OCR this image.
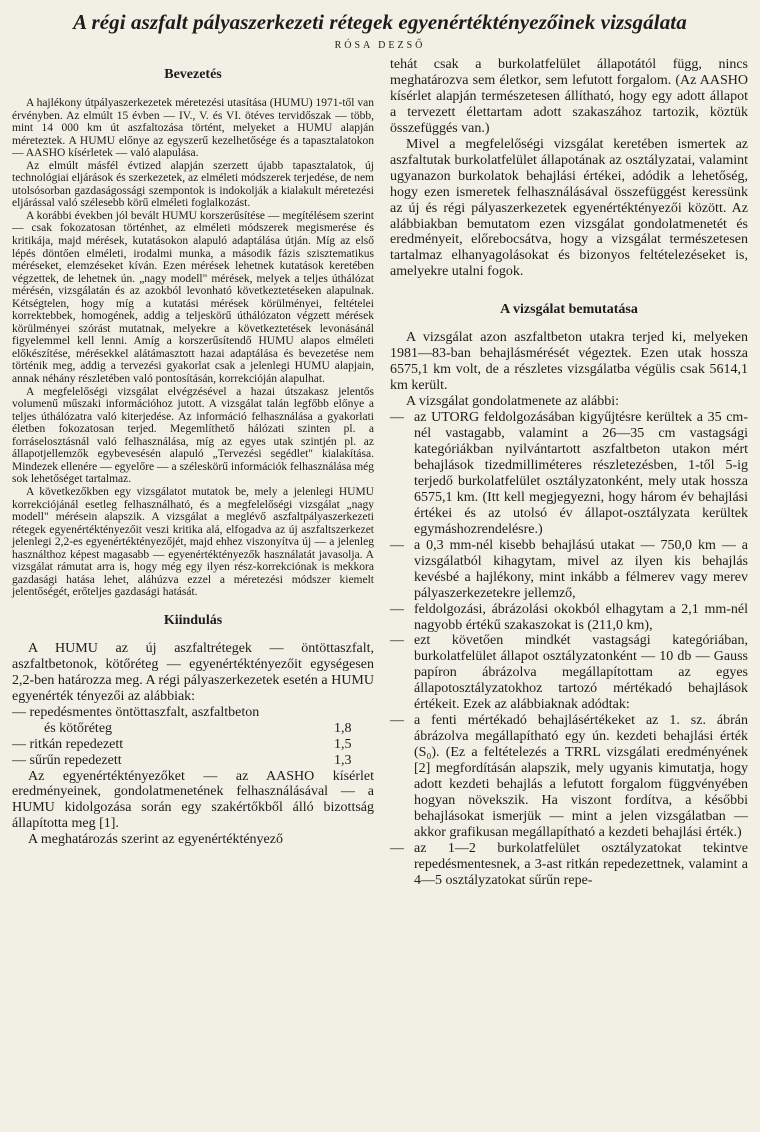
A régi aszfalt pályaszerkezeti rétegek egyenértéktényezőinek vizsgálata
RÓSA DEZSŐ
Bevezetés

A hajlékony útpályaszerkezetek méretezési utasítása (HUMU) 1971-től van érvényben. Az elmúlt 15 évben — IV., V. és VI. ötéves tervidőszak — több, mint 14 000 km út aszfaltozása történt, melyeket a HUMU alapján méreteztek. A HUMU előnye az egyszerű kezelhetősége és a tapasztalatokon — AASHO kísérletek — való alapulása.

Az elmúlt másfél évtized alapján szerzett újabb tapasztalatok, új technológiai eljárások és szerkezetek, az elméleti módszerek terjedése, de nem utolsósorban gazdaságossági szempontok is indokolják a kialakult méretezési eljárással való szélesebb körű elméleti foglalkozást.

A korábbi években jól bevált HUMU korszerűsítése — megítélésem szerint — csak fokozatosan történhet, az elméleti módszerek megismerése és kritikája, majd mérések, kutatásokon alapuló adaptálása útján. Míg az első lépés döntően elméleti, irodalmi munka, a második fázis szisztematikus méréseket, elemzéseket kíván. Ezen mérések lehetnek kutatások keretében végzettek, de lehetnek ún. „nagy modell" mérések, melyek a teljes úthálózat mérésén, vizsgálatán és az azokból levonható következtetéseken alapulnak. Kétségtelen, hogy míg a kutatási mérések körülményei, feltételei korrektebbek, homogének, addig a teljeskörű úthálózaton végzett mérések körülményei szórást mutatnak, melyekre a következtetések levonásánál figyelemmel kell lenni. Amíg a korszerűsítendő HUMU alapos elméleti előkészítése, mérésekkel alátámasztott hazai adaptálása és bevezetése nem történik meg, addig a tervezési gyakorlat csak a jelenlegi HUMU alapjain, annak néhány részletében való pontosításán, korrekcióján alapulhat.

A megfelelőségi vizsgálat elvégzésével a hazai útszakasz jelentős volumenű műszaki információhoz jutott. A vizsgálat talán legfőbb előnye a teljes úthálózatra való kiterjedése. Az információ felhasználása a gyakorlati életben fokozatosan terjed. Megemlíthető hálózati szinten pl. a forráselosztásnál való felhasználása, míg az egyes utak szintjén pl. az állapotjellemzők egybevesésén alapuló „Tervezési segédlet" kialakítása. Mindezek ellenére — egyelőre — a széleskörű információk felhasználása még sok lehetőséget tartalmaz.

A következőkben egy vizsgálatot mutatok be, mely a jelenlegi HUMU korrekciójánál esetleg felhasználható, és a megfelelőségi vizsgálat „nagy modell" mérésein alapszik. A vizsgálat a meglévő aszfaltpályaszerkezeti rétegek egyenértéktényezőit veszi kritika alá, elfogadva az új aszfaltszerkezet jelenlegi 2,2-es egyenértéktényezőjét, majd ehhez viszonyítva új — a jelenleg használthoz képest magasabb — egyenértéktényezők használatát javasolja. A vizsgálat rámutat arra is, hogy még egy ilyen rész-korrekciónak is mekkora gazdasági hatása lehet, aláhúzva ezzel a méretezési módszer kiemelt jelentőségét, erőteljes gazdasági hatását.

Kiindulás

A HUMU az új aszfaltrétegek — öntöttaszfalt, aszfaltbetonok, kötőréteg — egyenértéktényezőit egységesen 2,2-ben határozza meg. A régi pályaszerkezetek esetén a HUMU egyenérték tényezői az alábbiak:

— repedésmentes öntöttaszfalt, aszfaltbeton
és kötőréteg	1,8
— ritkán repedezett	1,5
— sűrűn repedezett	1,3

Az egyenértéktényezőket — az AASHO kísérlet eredményeinek, gondolatmenetének felhasználásával — a HUMU kidolgozása során egy szakértőkből álló bizottság állapította meg [1].

A meghatározás szerint az egyenértéktényező

tehát csak a burkolatfelület állapotától függ, nincs meghatározva sem életkor, sem lefutott forgalom. (Az AASHO kísérlet alapján természetesen állítható, hogy egy adott állapot a tervezett élettartam adott szakaszához tartozik, köztük összefüggés van.)

Mivel a megfelelőségi vizsgálat keretében ismertek az aszfaltutak burkolatfelület állapotának az osztályzatai, valamint ugyanazon burkolatok behajlási értékei, adódik a lehetőség, hogy ezen ismeretek felhasználásával összefüggést keressünk az új és régi pályaszerkezetek egyenértéktényezői között. Az alábbiakban bemutatom ezen vizsgálat gondolatmenetét és eredményeit, előrebocsátva, hogy a vizsgálat természetesen tartalmaz elhanyagolásokat és bizonyos feltételezéseket is, amelyekre utalni fogok.

A vizsgálat bemutatása

A vizsgálat azon aszfaltbeton utakra terjed ki, melyeken 1981—83-ban behajlásmérését végeztek. Ezen utak hossza 6575,1 km volt, de a részletes vizsgálatba végülis csak 5614,1 km került.

A vizsgálat gondolatmenete az alábbi:

— az UTORG feldolgozásában kigyűjtésre kerültek a 35 cm-nél vastagabb, valamint a 26—35 cm vastagsági kategóriákban nyilvántartott aszfaltbeton utakon mért behajlások tizedmilliméteres részletezésben, 1-től 5-ig terjedő burkolatfelület osztályzatonként, mely utak hossza 6575,1 km. (Itt kell megjegyezni, hogy három év behajlási értékei és az utolsó év állapot-osztályzata kerültek egymáshozrendelésre.)
— a 0,3 mm-nél kisebb behajlású utakat — 750,0 km — a vizsgálatból kihagytam, mivel az ilyen kis behajlás kevésbé a hajlékony, mint inkább a félmerev vagy merev pályaszerkezetekre jellemző,
— feldolgozási, ábrázolási okokból elhagytam a 2,1 mm-nél nagyobb értékű szakaszokat is (211,0 km),
— ezt követően mindkét vastagsági kategóriában, burkolatfelület állapot osztályzatonként — 10 db — Gauss papíron ábrázolva megállapítottam az egyes állapotosztályzatokhoz tartozó mértékadó behajlások értékeit. Ezek az alábbiaknak adódtak:
— a fenti mértékadó behajlásértékeket az 1. sz. ábrán ábrázolva megállapítható egy ún. kezdeti behajlási érték (S₀). (Ez a feltételezés a TRRL vizsgálati eredményének [2] megfordításán alapszik, mely ugyanis kimutatja, hogy adott kezdeti behajlás a lefutott forgalom függvényében hogyan növekszik. Ha viszont fordítva, a későbbi behajlásokat ismerjük — mint a jelen vizsgálatban — akkor grafikusan megállapítható a kezdeti behajlási érték.)
— az 1—2 burkolatfelület osztályzatokat tekintve repedésmentesnek, a 3-ast ritkán repedezettnek, valamint a 4—5 osztályzatokat sűrűn repe-
